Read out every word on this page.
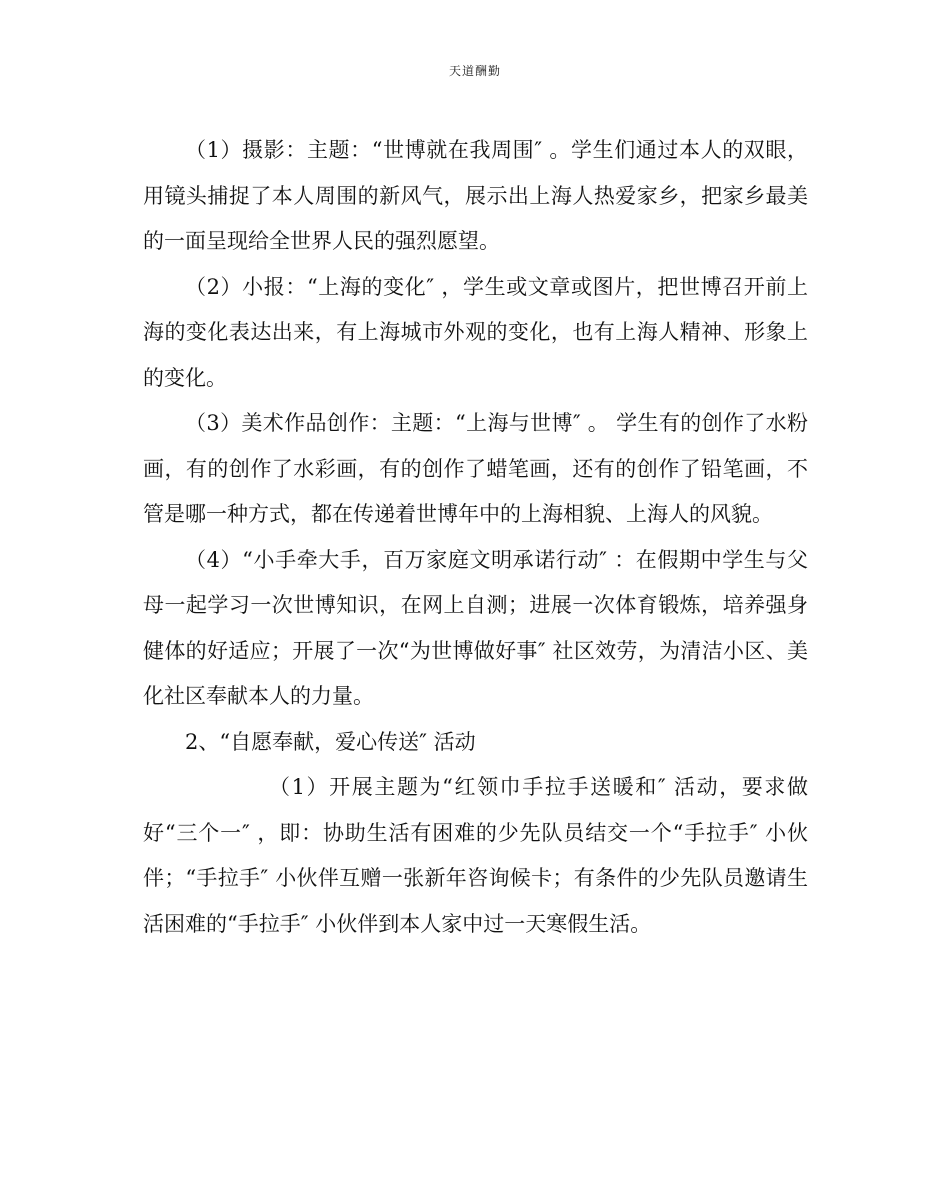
天道酬勤

（1）摄影：主题：“世博就在我周围″ 。学生们通过本人的双眼，用镜头捕捉了本人周围的新风气，展示出上海人热爱家乡，把家乡最美的一面呈现给全世界人民的强烈愿望。

（2）小报：“上海的变化″ ，学生或文章或图片，把世博召开前上海的变化表达出来，有上海城市外观的变化，也有上海人精神、形象上的变化。

（3）美术作品创作：主题：“上海与世博″ 。 学生有的创作了水粉画，有的创作了水彩画，有的创作了蜡笔画，还有的创作了铅笔画，不管是哪一种方式，都在传递着世博年中的上海相貌、上海人的风貌。

（4）“小手牵大手，百万家庭文明承诺行动″ ：在假期中学生与父母一起学习一次世博知识，在网上自测；进展一次体育锻炼，培养强身健体的好适应；开展了一次“为世博做好事″ 社区效劳，为清洁小区、美化社区奉献本人的力量。

2、“自愿奉献，爱心传送″ 活动

（1）开展主题为“红领巾手拉手送暖和″ 活动，要求做好“三个一″ ，即：协助生活有困难的少先队员结交一个“手拉手″ 小伙伴；“手拉手″ 小伙伴互赠一张新年咨询候卡；有条件的少先队员邀请生活困难的“手拉手″ 小伙伴到本人家中过一天寒假生活。
